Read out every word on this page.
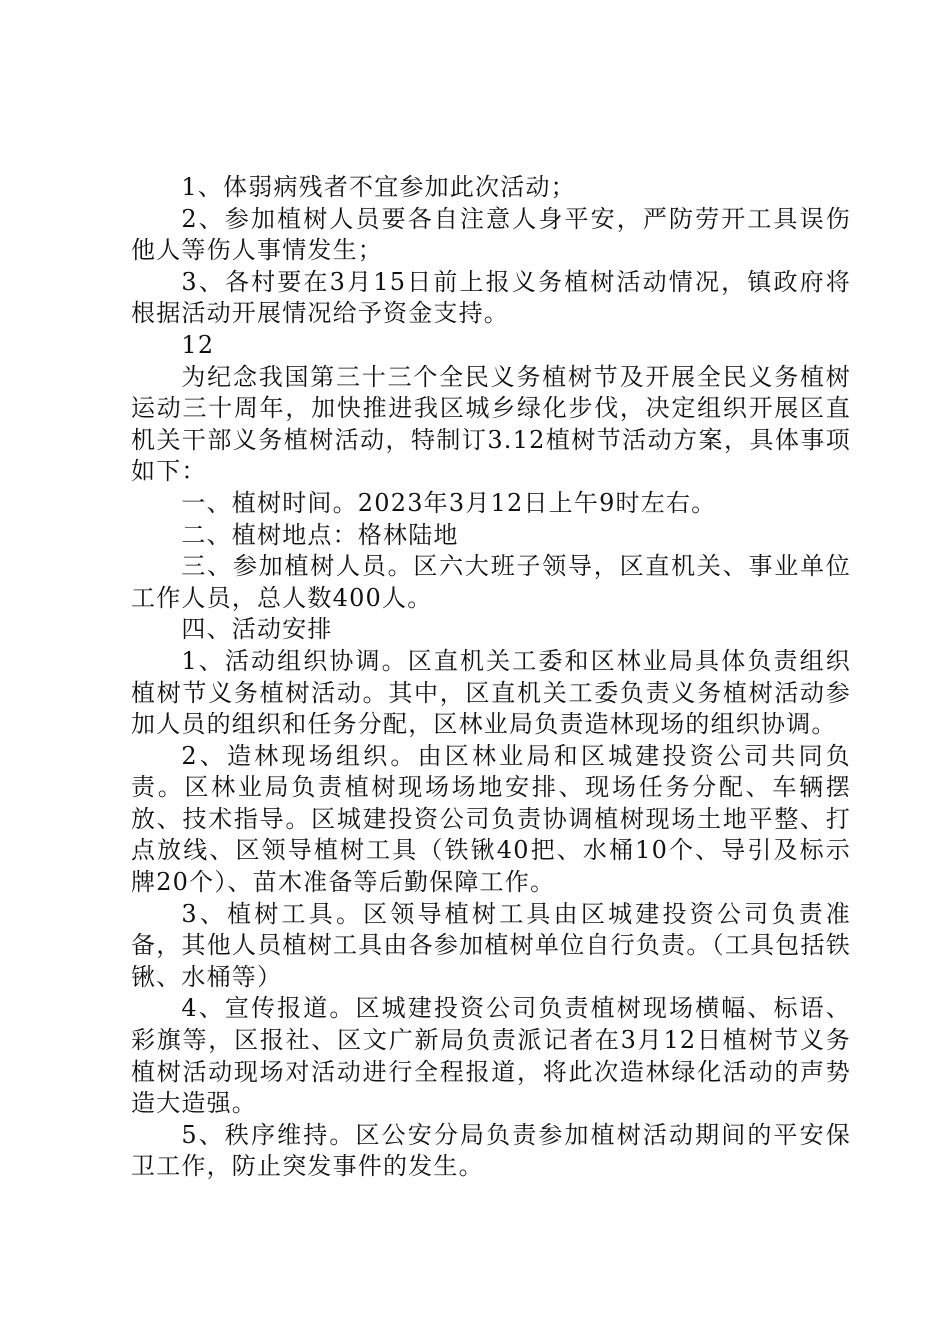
1、体弱病残者不宜参加此次活动；

2、参加植树人员要各自注意人身平安，严防劳开工具误伤他人等伤人事情发生；

3、各村要在3月15日前上报义务植树活动情况，镇政府将根据活动开展情况给予资金支持。

12

为纪念我国第三十三个全民义务植树节及开展全民义务植树运动三十周年，加快推进我区城乡绿化步伐，决定组织开展区直机关干部义务植树活动，特制订3.12植树节活动方案，具体事项如下：

一、植树时间。2023年3月12日上午9时左右。

二、植树地点：格林陆地

三、参加植树人员。区六大班子领导，区直机关、事业单位工作人员，总人数400人。

四、活动安排

1、活动组织协调。区直机关工委和区林业局具体负责组织植树节义务植树活动。其中，区直机关工委负责义务植树活动参加人员的组织和任务分配，区林业局负责造林现场的组织协调。

2、造林现场组织。由区林业局和区城建投资公司共同负责。区林业局负责植树现场场地安排、现场任务分配、车辆摆放、技术指导。区城建投资公司负责协调植树现场土地平整、打点放线、区领导植树工具（铁锹40把、水桶10个、导引及标示牌20个）、苗木准备等后勤保障工作。

3、植树工具。区领导植树工具由区城建投资公司负责准备，其他人员植树工具由各参加植树单位自行负责。（工具包括铁锹、水桶等）

4、宣传报道。区城建投资公司负责植树现场横幅、标语、彩旗等，区报社、区文广新局负责派记者在3月12日植树节义务植树活动现场对活动进行全程报道，将此次造林绿化活动的声势造大造强。

5、秩序维持。区公安分局负责参加植树活动期间的平安保卫工作，防止突发事件的发生。
